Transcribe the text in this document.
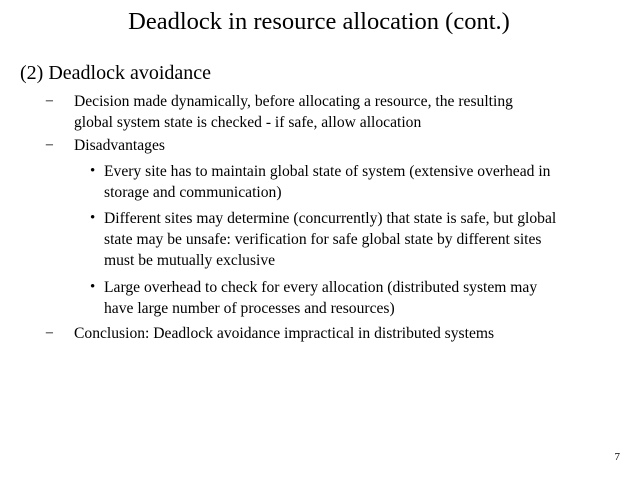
Deadlock in resource allocation (cont.)
(2) Deadlock avoidance
− Decision made dynamically, before allocating a resource, the resulting
global system state is checked - if safe, allow allocation
− Disadvantages
• Every site has to maintain global state of system (extensive overhead in
storage and communication)
• Different sites may determine (concurrently) that state is safe, but global
state may be unsafe: verification for safe global state by different sites
must be mutually exclusive
• Large overhead to check for every allocation (distributed system may
have large number of processes and resources)
− Conclusion: Deadlock avoidance impractical in distributed systems
7
